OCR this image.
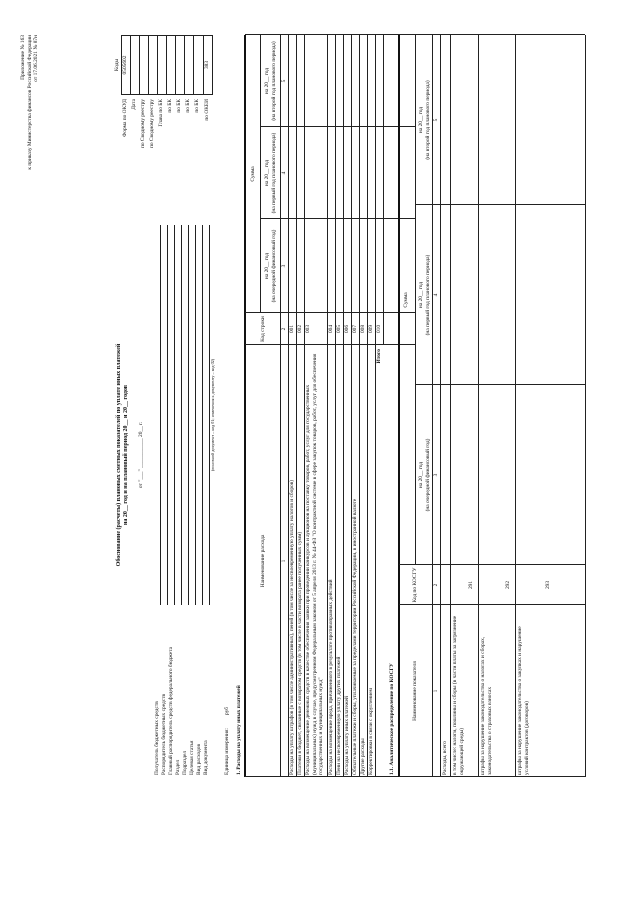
Приложение № 163 к приказу Министерства финансов Российской Федерации от 17.06.2021 № 87н
Обоснование (расчеты) плановых сметных показателей по уплате иных платежей на 20__ год и на плановый период 20__ и 20__ годов от "___" ___________ 20__ г.
Коды 0505602
Форма по ОКУД Дата по Сводному реестру по Сводному реестру Глава по БК по БК по БК по БК по БК по ОКЕИ
383
Получатель бюджетных средств Распорядитель бюджетных средств Главный распорядитель средств федерального бюджета Раздел Подраздел Целевая статья Вид расходов Вид документа
(основной документ – код 01; изменения к документу – код 02)
Единица измерения:
руб 1. Расходы на уплату иных платежей
Наименование расхода
Код строки
Сумма
на 20__ год (на очередной финансовый год)
на 20__ год (на первый год планового периода)
на 20__ год (на второй год планового периода)
1
2
3
4
5
Расходы на уплату штрафов (в том числе административных), пеней (в том числе за несвоевременную уплату налогов и сборов)
001
Платежи в бюджет, связанные с возвратом средств (в том числе в части возврата ранее полученных сумм)
002
Расходы на возмещение денежных средств в качестве обеспечения заявки при проведении конкурсов и аукционов на поставку товаров, работ, услуг для государственных (муниципальных) нужд в случае, предусмотренном Федеральным законом от 5 апреля 2013 г. № 44-ФЗ "О контрактной системе в сфере закупок товаров, работ, услуг для обеспечения государственных и муниципальных нужд"
003
Расходы на возмещение вреда, причиненного в результате противоправных действий
004
Пени на несвоевременную уплату других платежей
005
Расходы на уплату иных платежей
006
Обязательные платежи и сборы, уплачиваемые за пределами территории Российской Федерации, в иностранной валюте
007
Другие расходы
008
Корректировки в связи с округлением
009
Итого
010
1.1. Аналитическое распределение по КОСГУ	Наименование показателя
Код по КОСГУ
Сумма
на 20__ год (на очередной финансовый год)
на 20__ год (на первый год планового периода)
на 20__ год (на второй год планового периода)
1
2
3
4
5
Расходы, всего в том числе: налоги, пошлины и сборы (в части платы за загрязнение окружающей среды)
291
штрафы за нарушение законодательства о налогах и сборах, законодательства о страховых взносах
292
штрафы за нарушение законодательства о закупках и нарушение условий контрактов (договоров)
293
